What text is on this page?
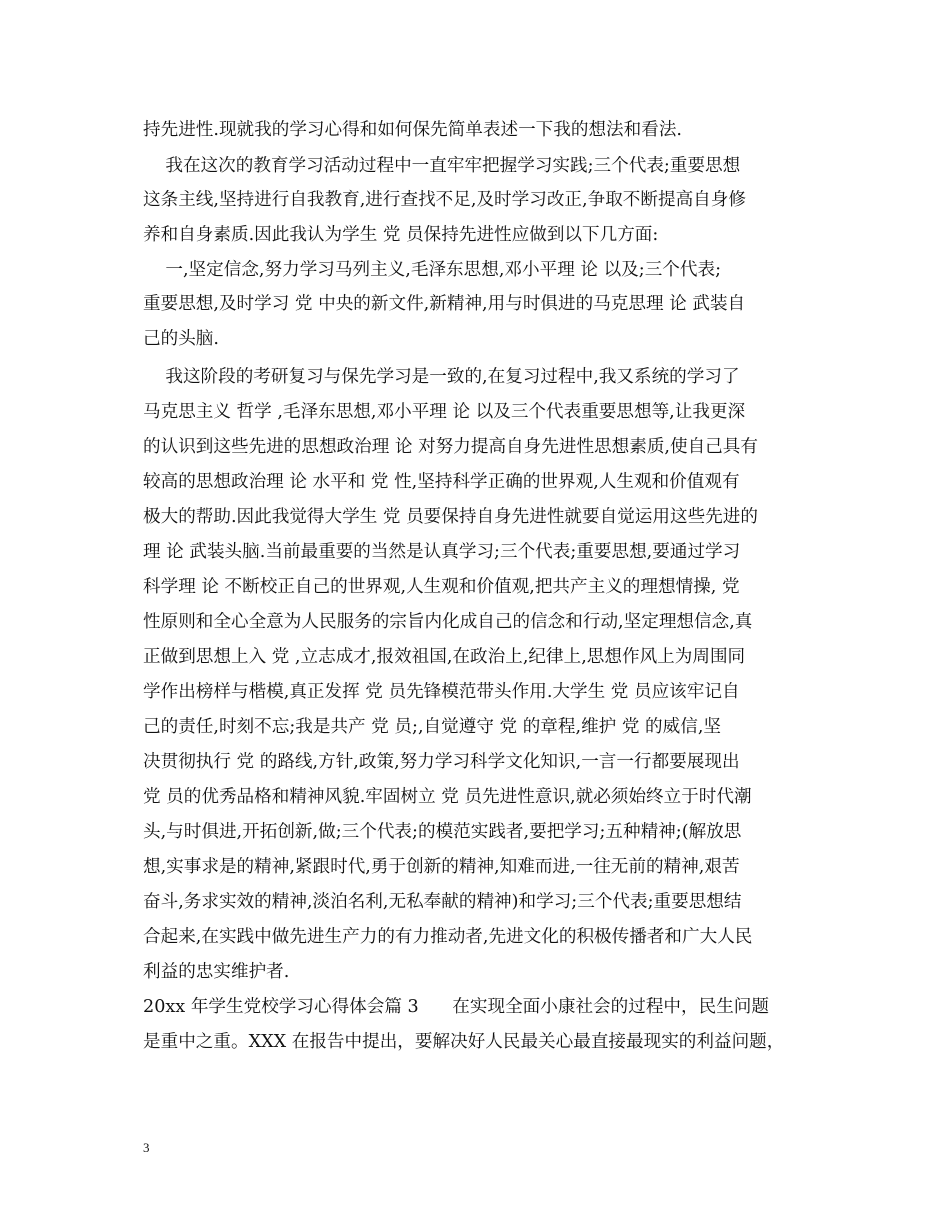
持先进性.现就我的学习心得和如何保先简单表述一下我的想法和看法.
我在这次的教育学习活动过程中一直牢牢把握学习实践;三个代表;重要思想
这条主线,坚持进行自我教育,进行查找不足,及时学习改正,争取不断提高自身修
养和自身素质.因此我认为学生 党 员保持先进性应做到以下几方面:
一,坚定信念,努力学习马列主义,毛泽东思想,邓小平理 论 以及;三个代表;
重要思想,及时学习 党 中央的新文件,新精神,用与时俱进的马克思理 论 武装自
己的头脑.
我这阶段的考研复习与保先学习是一致的,在复习过程中,我又系统的学习了
马克思主义 哲学 ,毛泽东思想,邓小平理 论 以及三个代表重要思想等,让我更深
的认识到这些先进的思想政治理 论 对努力提高自身先进性思想素质,使自己具有
较高的思想政治理 论 水平和 党 性,坚持科学正确的世界观,人生观和价值观有
极大的帮助.因此我觉得大学生 党 员要保持自身先进性就要自觉运用这些先进的
理 论 武装头脑.当前最重要的当然是认真学习;三个代表;重要思想,要通过学习
科学理 论 不断校正自己的世界观,人生观和价值观,把共产主义的理想情操, 党
性原则和全心全意为人民服务的宗旨内化成自己的信念和行动,坚定理想信念,真
正做到思想上入 党 ,立志成才,报效祖国,在政治上,纪律上,思想作风上为周围同
学作出榜样与楷模,真正发挥 党 员先锋模范带头作用.大学生 党 员应该牢记自
己的责任,时刻不忘;我是共产 党 员;,自觉遵守 党 的章程,维护 党 的威信,坚
决贯彻执行 党 的路线,方针,政策,努力学习科学文化知识,一言一行都要展现出
党 员的优秀品格和精神风貌.牢固树立 党 员先进性意识,就必须始终立于时代潮
头,与时俱进,开拓创新,做;三个代表;的模范实践者,要把学习;五种精神;(解放思
想,实事求是的精神,紧跟时代,勇于创新的精神,知难而进,一往无前的精神,艰苦
奋斗,务求实效的精神,淡泊名利,无私奉献的精神)和学习;三个代表;重要思想结
合起来,在实践中做先进生产力的有力推动者,先进文化的积极传播者和广大人民
利益的忠实维护者.
20xx 年学生党校学习心得体会篇 3      在实现全面小康社会的过程中，民生问题
是重中之重。XXX 在报告中提出，要解决好人民最关心最直接最现实的利益问题，
3
